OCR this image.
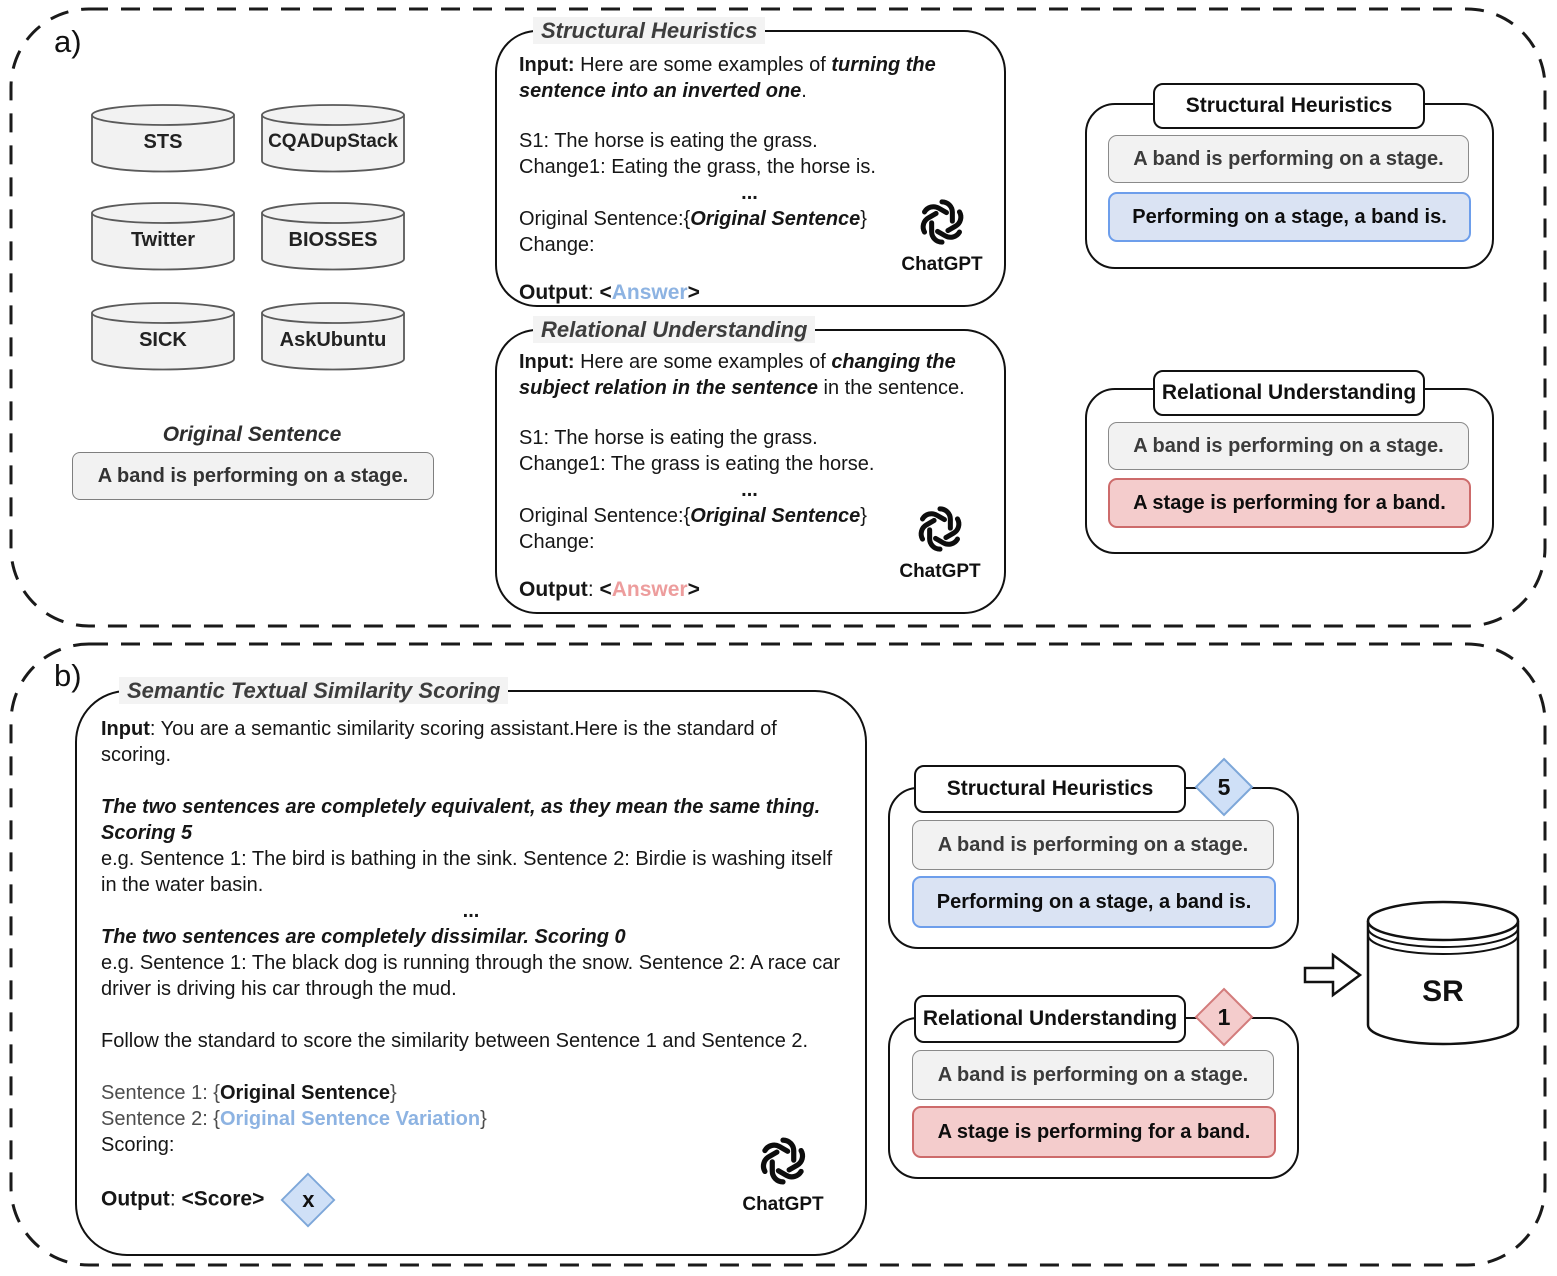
a)
STS	CQADupStack
Twitter	BIOSSES
SICK	AskUbuntu
Original Sentence
A band is performing on a stage.
Structural Heuristics
Input: Here are some examples of turning the sentence into an inverted one.
S1: The horse is eating the grass.
Change1: Eating the grass, the horse is.
...
Original Sentence:{Original Sentence}
Change:
Output: <Answer>
ChatGPT
Relational Understanding
Input: Here are some examples of changing the subject relation in the sentence in the sentence.
S1: The horse is eating the grass.
Change1: The grass is eating the horse.
...
Original Sentence:{Original Sentence}
Change:
Output: <Answer>
ChatGPT
Structural Heuristics
A band is performing on a stage.
Performing on a stage, a band is.
Relational Understanding
A band is performing on a stage.
A stage is performing for a band.
b)	Semantic Textual Similarity Scoring
Input: You are a semantic similarity scoring assistant.Here is the standard of scoring.
The two sentences are completely equivalent, as they mean the same thing. Scoring 5
e.g. Sentence 1: The bird is bathing in the sink. Sentence 2: Birdie is washing itself in the water basin.
...
The two sentences are completely dissimilar. Scoring 0
e.g. Sentence 1: The black dog is running through the snow. Sentence 2: A race car driver is driving his car through the mud.
Follow the standard to score the similarity between Sentence 1 and Sentence 2.
Sentence 1: {Original Sentence}
Sentence 2: {Original Sentence Variation}
Scoring:
Output: <Score>	x	ChatGPT
Structural Heuristics	5
A band is performing on a stage.
Performing on a stage, a band is.
Relational Understanding	1
A band is performing on a stage.
A stage is performing for a band.
SR
